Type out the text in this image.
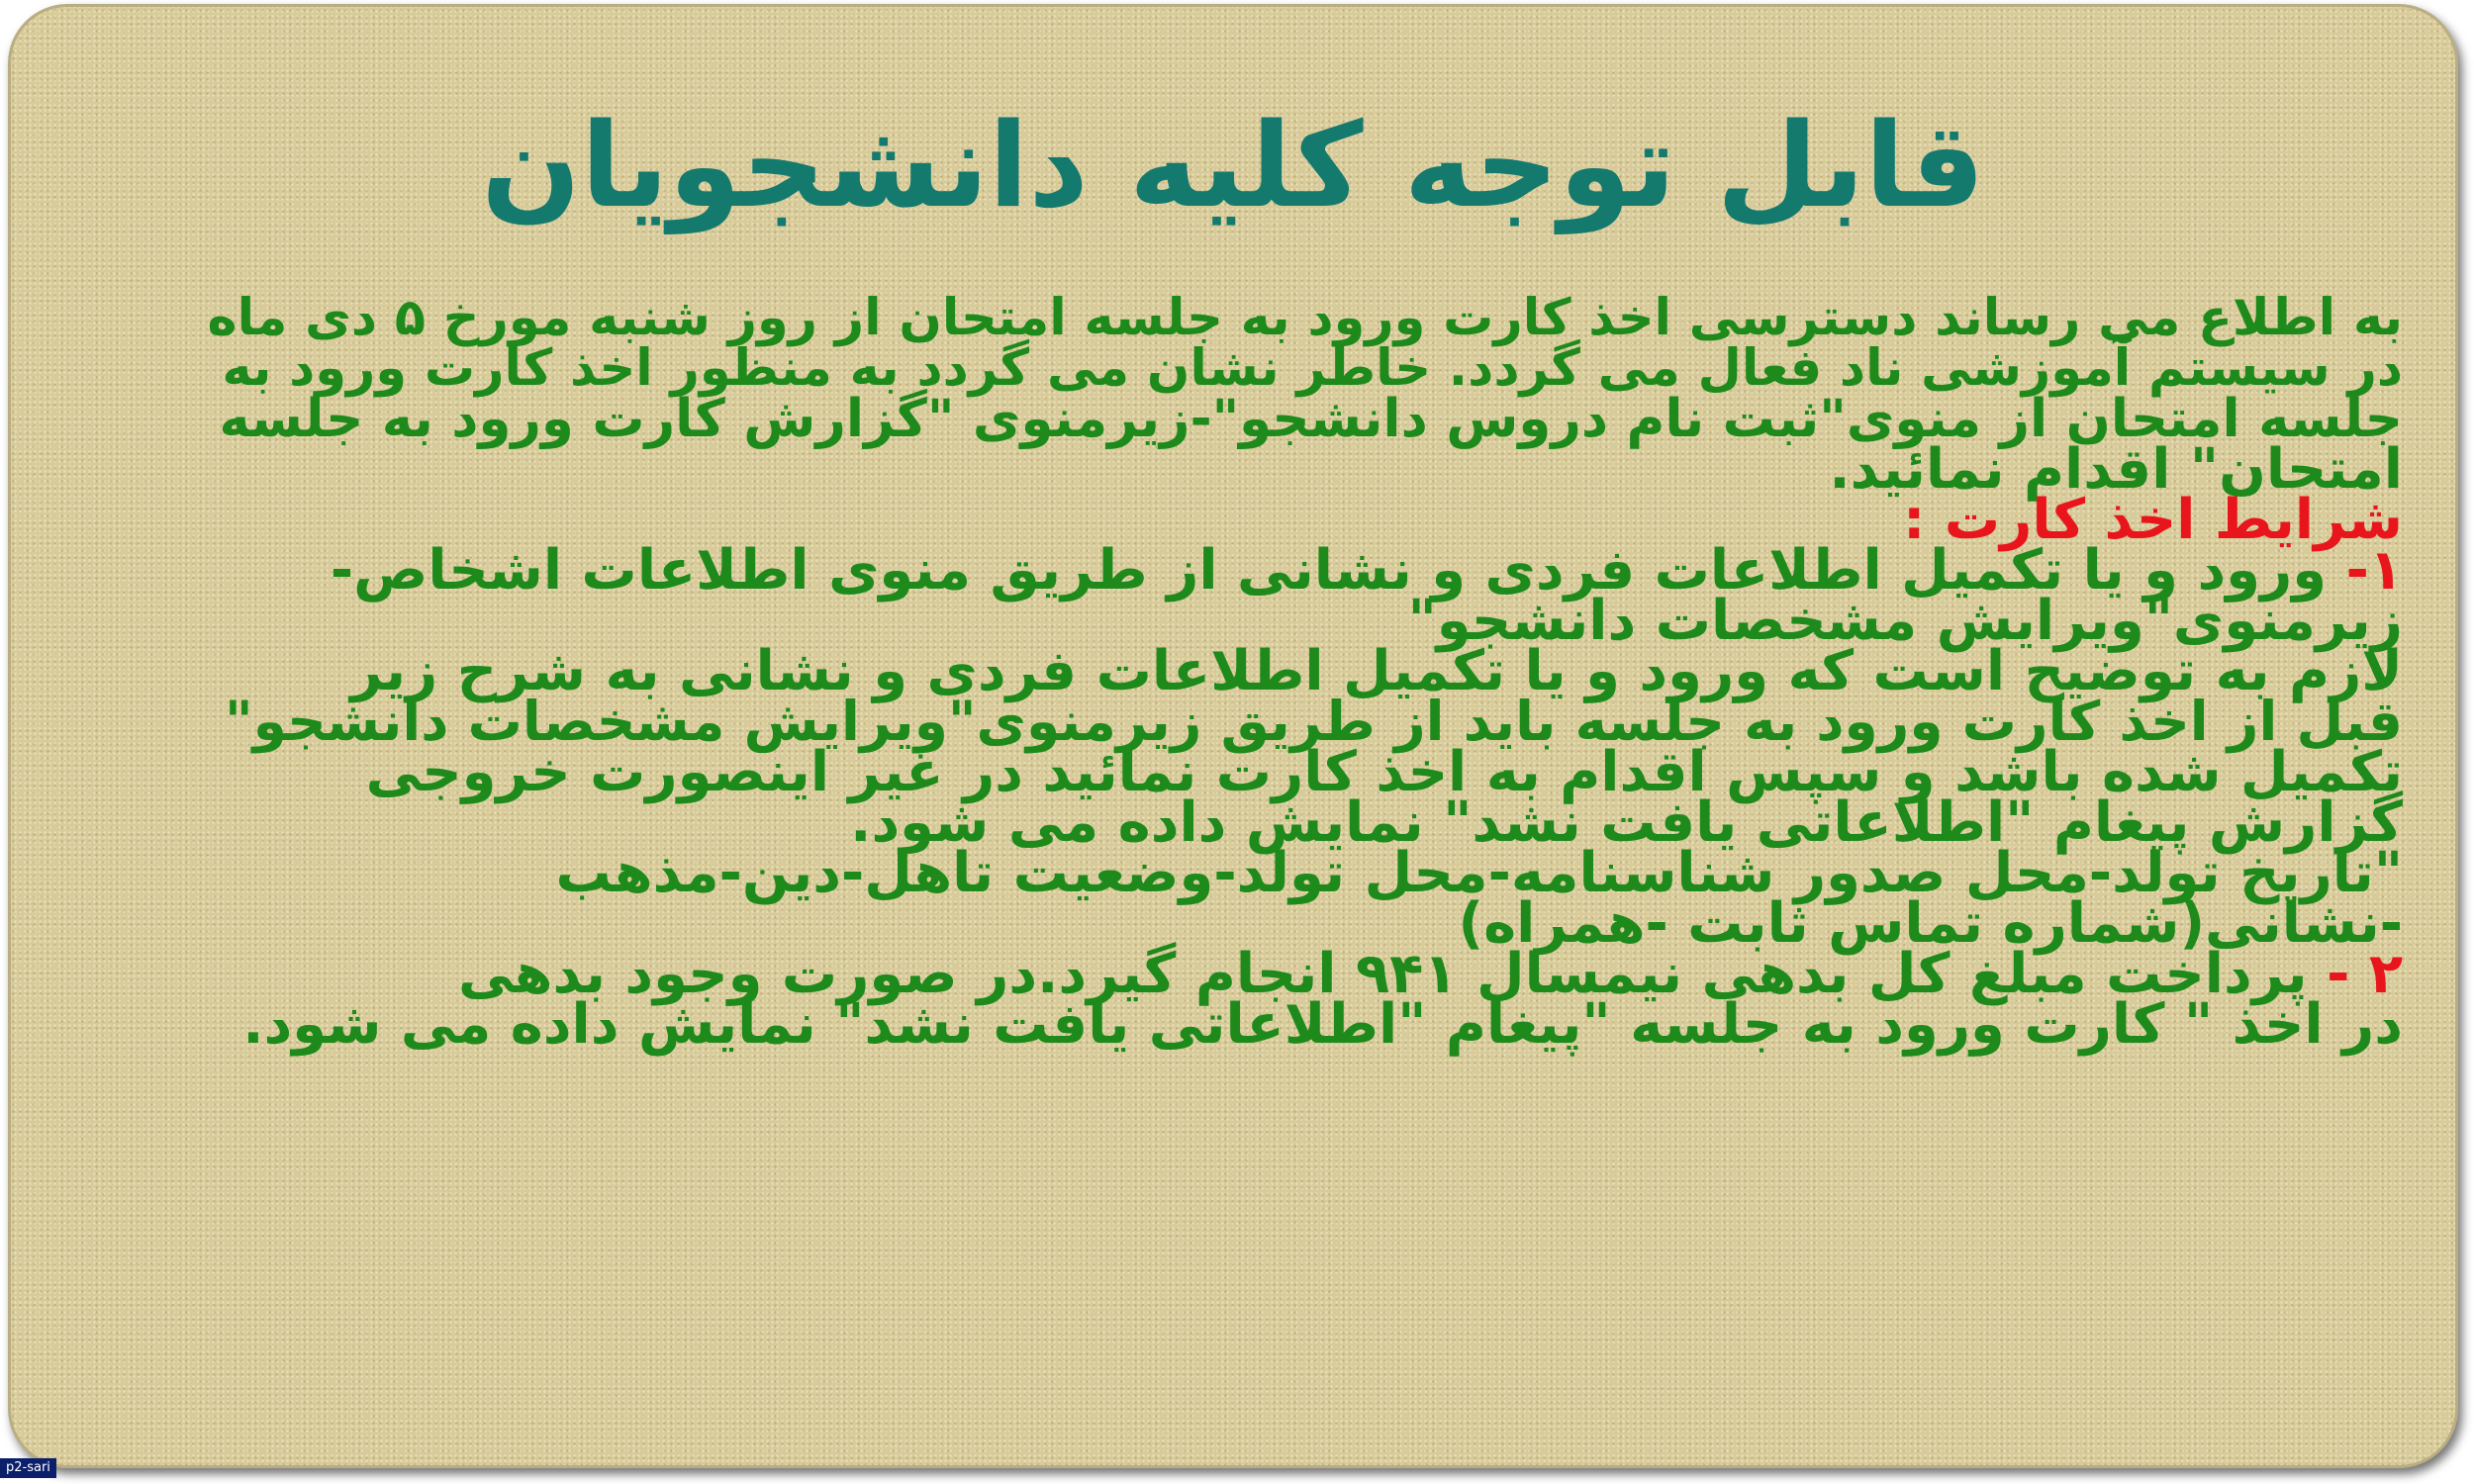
قابل توجه کلیه دانشجویان
به اطلاع می رساند دسترسی اخذ کارت ورود به جلسه امتحان از روز شنبه مورخ ۵ دی ماه
در سیستم آموزشی ناد فعال می گردد. خاطر نشان می گردد به منظور اخذ کارت ورود به
جلسه امتحان از منوی"ثبت نام دروس دانشجو"-زیرمنوی "گزارش کارت ورود به جلسه
امتحان" اقدام نمائید.
شرایط اخذ کارت :
۱- ورود و یا تکمیل اطلاعات فردی و نشانی از طریق منوی اطلاعات اشخاص-
زیرمنوی"ویرایش مشخصات دانشجو"
لازم به توضیح است که ورود و یا تکمیل اطلاعات فردی و نشانی به شرح زیر
قبل از اخذ کارت ورود به جلسه باید از طریق زیرمنوی"ویرایش مشخصات دانشجو"
تکمیل شده باشد و سپس اقدام به اخذ کارت نمائید در غیر اینصورت خروجی
گزارش پیغام "اطلاعاتی یافت نشد" نمایش داده می شود.
"تاریخ تولد-محل صدور شناسنامه-محل تولد-وضعیت تاهل-دین-مذهب
-نشانی(شماره تماس ثابت -همراه)
۲ - پرداخت مبلغ کل بدهی نیمسال ۹۴۱ انجام گیرد.در صورت وجود بدهی
در اخذ " کارت ورود به جلسه "پیغام "اطلاعاتی یافت نشد" نمایش داده می شود.
p2-sari
